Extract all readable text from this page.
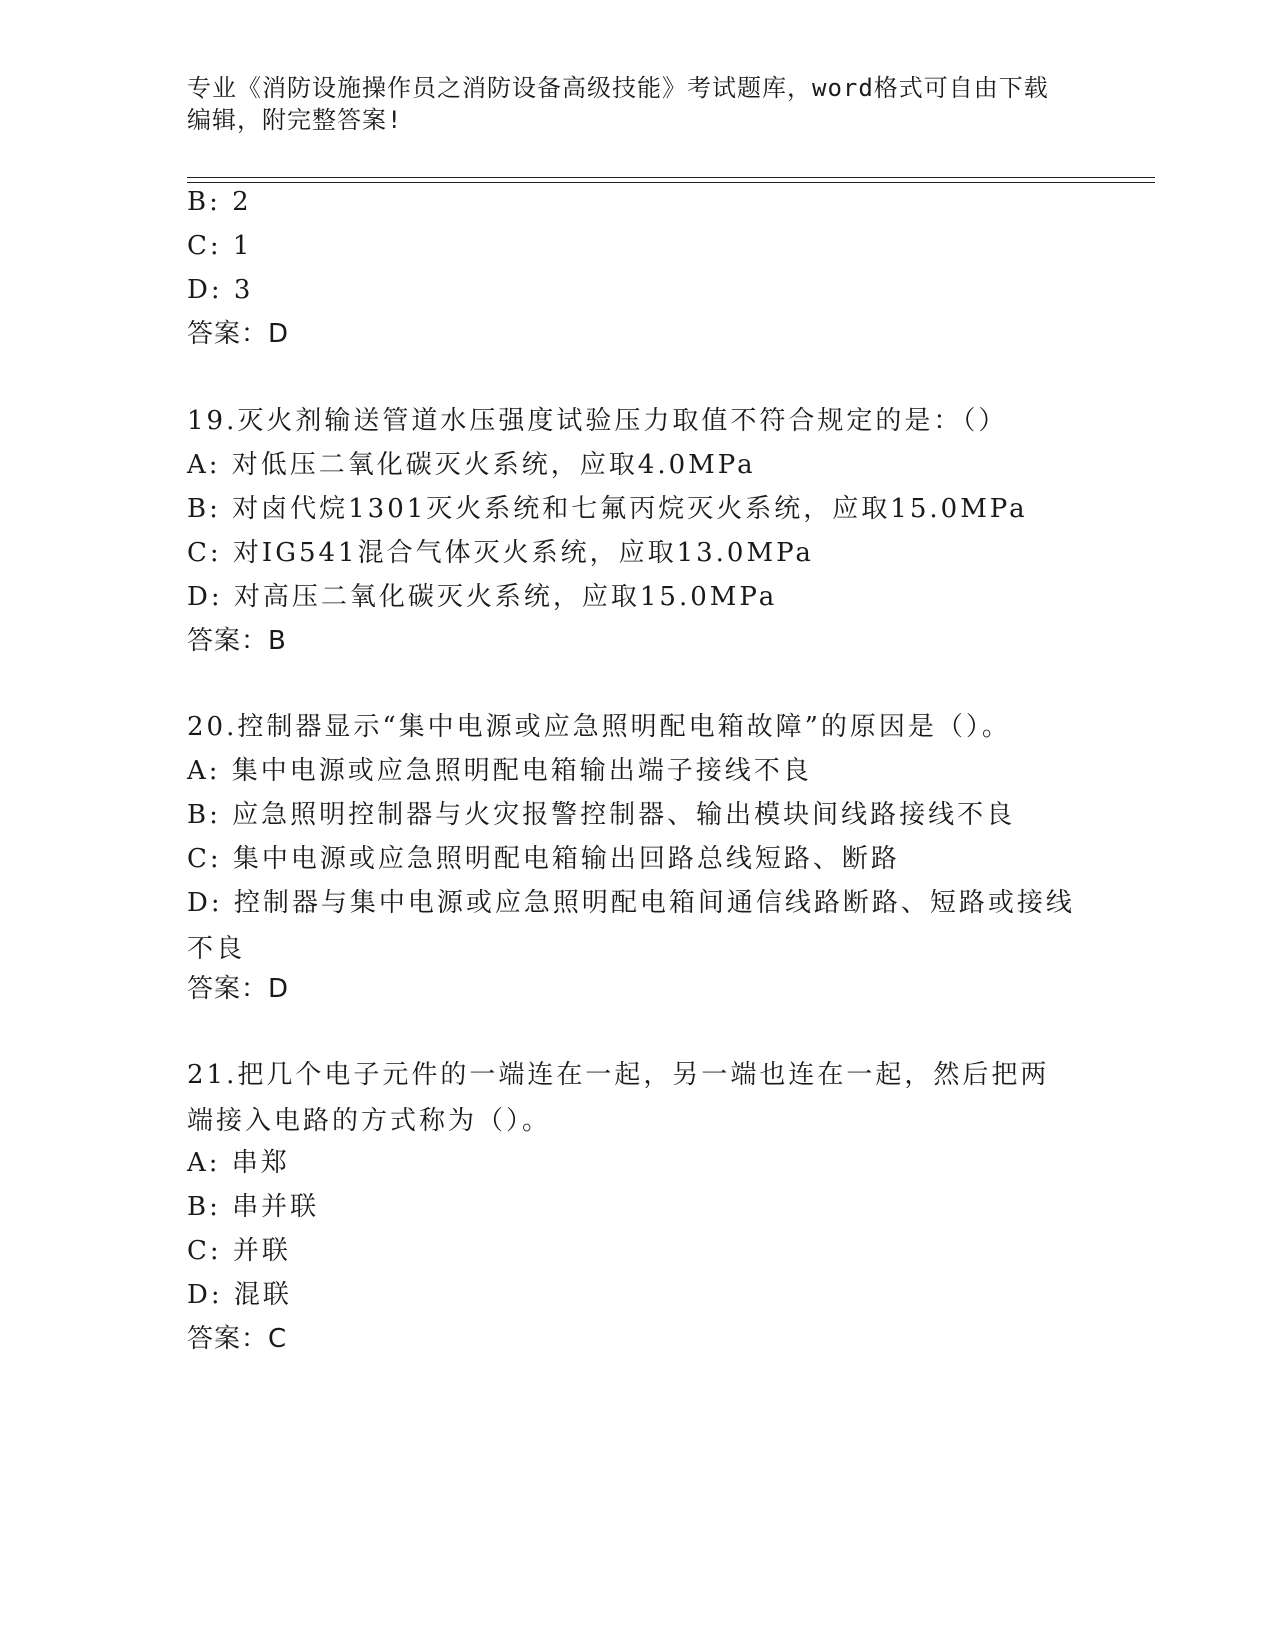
专业《消防设施操作员之消防设备高级技能》考试题库，word格式可自由下载编辑，附完整答案!
B: 2
C: 1
D: 3
答案：D
19.灭火剂输送管道水压强度试验压力取值不符合规定的是：（）
A: 对低压二氧化碳灭火系统，应取4.0MPa
B: 对卤代烷1301灭火系统和七氟丙烷灭火系统，应取15.0MPa
C: 对IG541混合气体灭火系统，应取13.0MPa
D: 对高压二氧化碳灭火系统，应取15.0MPa
答案：B
20.控制器显示“集中电源或应急照明配电箱故障”的原因是（）。
A: 集中电源或应急照明配电箱输出端子接线不良
B: 应急照明控制器与火灾报警控制器、输出模块间线路接线不良
C: 集中电源或应急照明配电箱输出回路总线短路、断路
D: 控制器与集中电源或应急照明配电箱间通信线路断路、短路或接线不良
答案：D
21.把几个电子元件的一端连在一起，另一端也连在一起，然后把两端接入电路的方式称为（）。
A: 串郑
B: 串并联
C: 并联
D: 混联
答案：C
